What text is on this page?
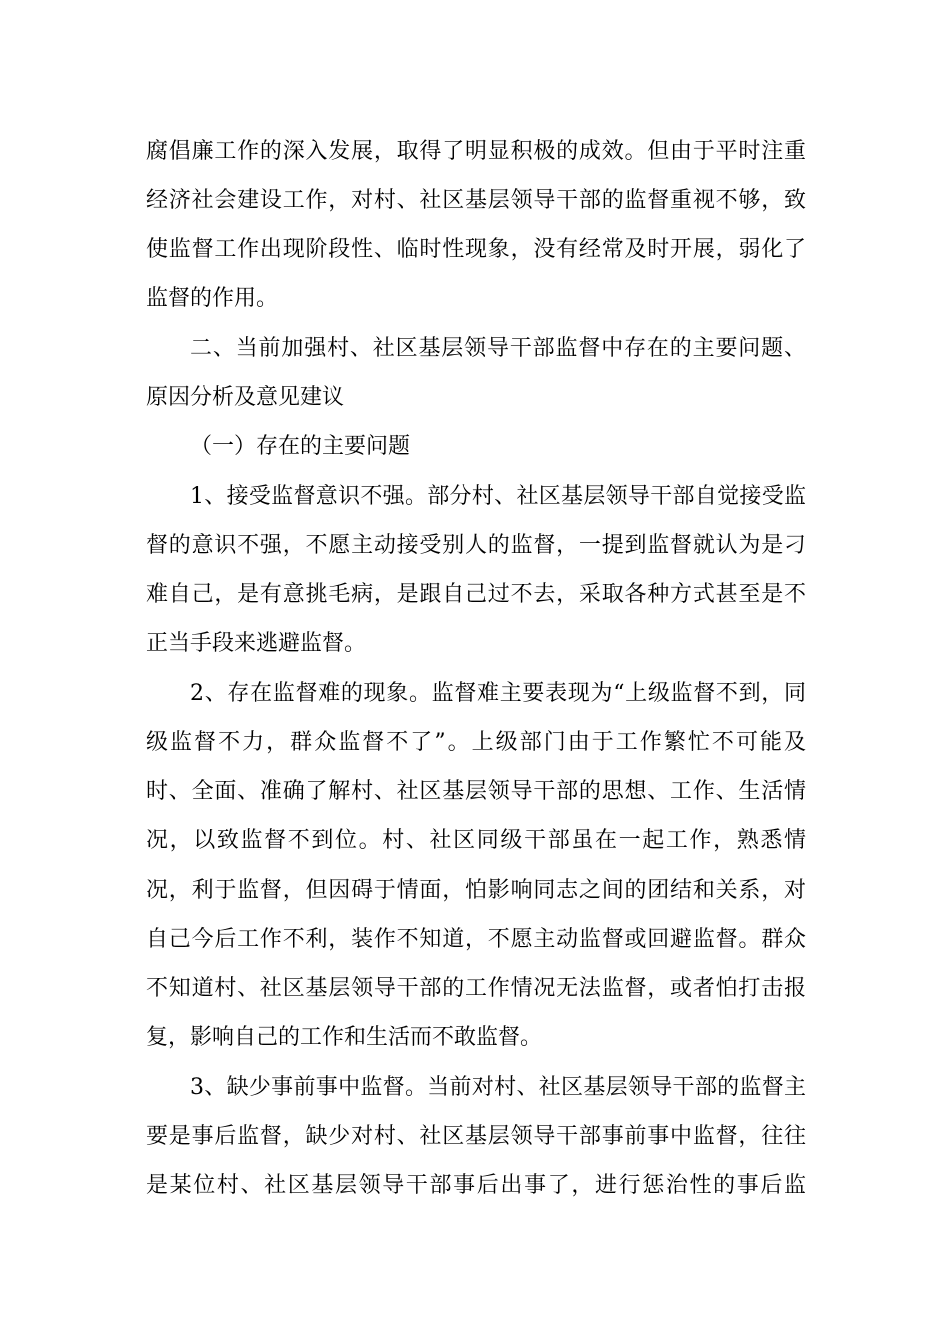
腐倡廉工作的深入发展，取得了明显积极的成效。但由于平时注重

经济社会建设工作，对村、社区基层领导干部的监督重视不够，致

使监督工作出现阶段性、临时性现象，没有经常及时开展，弱化了

监督的作用。

二、当前加强村、社区基层领导干部监督中存在的主要问题、

原因分析及意见建议

（一）存在的主要问题

1、接受监督意识不强。部分村、社区基层领导干部自觉接受监

督的意识不强，不愿主动接受别人的监督，一提到监督就认为是刁

难自己，是有意挑毛病，是跟自己过不去，采取各种方式甚至是不

正当手段来逃避监督。

2、存在监督难的现象。监督难主要表现为“上级监督不到，同

级监督不力，群众监督不了”。上级部门由于工作繁忙不可能及

时、全面、准确了解村、社区基层领导干部的思想、工作、生活情

况，以致监督不到位。村、社区同级干部虽在一起工作，熟悉情

况，利于监督，但因碍于情面，怕影响同志之间的团结和关系，对

自己今后工作不利，装作不知道，不愿主动监督或回避监督。群众

不知道村、社区基层领导干部的工作情况无法监督，或者怕打击报

复，影响自己的工作和生活而不敢监督。

3、缺少事前事中监督。当前对村、社区基层领导干部的监督主

要是事后监督，缺少对村、社区基层领导干部事前事中监督，往往

是某位村、社区基层领导干部事后出事了，进行惩治性的事后监
